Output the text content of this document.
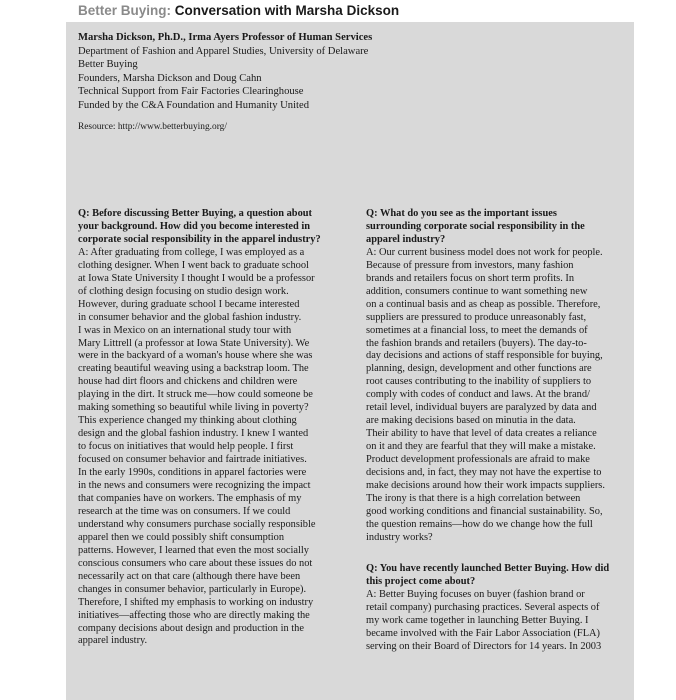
Better Buying: Conversation with Marsha Dickson
Marsha Dickson, Ph.D., Irma Ayers Professor of Human Services
Department of Fashion and Apparel Studies, University of Delaware
Better Buying
Founders, Marsha Dickson and Doug Cahn
Technical Support from Fair Factories Clearinghouse
Funded by the C&A Foundation and Humanity United
Resource: http://www.betterbuying.org/
Q: Before discussing Better Buying, a question about
your background. How did you become interested in
corporate social responsibility in the apparel industry?
A: After graduating from college, I was employed as a
clothing designer. When I went back to graduate school
at Iowa State University I thought I would be a professor
of clothing design focusing on studio design work.
However, during graduate school I became interested
in consumer behavior and the global fashion industry.
I was in Mexico on an international study tour with
Mary Littrell (a professor at Iowa State University). We
were in the backyard of a woman's house where she was
creating beautiful weaving using a backstrap loom. The
house had dirt floors and chickens and children were
playing in the dirt. It struck me—how could someone be
making something so beautiful while living in poverty?
This experience changed my thinking about clothing
design and the global fashion industry. I knew I wanted
to focus on initiatives that would help people. I first
focused on consumer behavior and fairtrade initiatives.
In the early 1990s, conditions in apparel factories were
in the news and consumers were recognizing the impact
that companies have on workers. The emphasis of my
research at the time was on consumers. If we could
understand why consumers purchase socially responsible
apparel then we could possibly shift consumption
patterns. However, I learned that even the most socially
conscious consumers who care about these issues do not
necessarily act on that care (although there have been
changes in consumer behavior, particularly in Europe).
Therefore, I shifted my emphasis to working on industry
initiatives—affecting those who are directly making the
company decisions about design and production in the
apparel industry.
Q: What do you see as the important issues
surrounding corporate social responsibility in the
apparel industry?
A: Our current business model does not work for people.
Because of pressure from investors, many fashion
brands and retailers focus on short term profits. In
addition, consumers continue to want something new
on a continual basis and as cheap as possible. Therefore,
suppliers are pressured to produce unreasonably fast,
sometimes at a financial loss, to meet the demands of
the fashion brands and retailers (buyers). The day-to-
day decisions and actions of staff responsible for buying,
planning, design, development and other functions are
root causes contributing to the inability of suppliers to
comply with codes of conduct and laws. At the brand/
retail level, individual buyers are paralyzed by data and
are making decisions based on minutia in the data.
Their ability to have that level of data creates a reliance
on it and they are fearful that they will make a mistake.
Product development professionals are afraid to make
decisions and, in fact, they may not have the expertise to
make decisions around how their work impacts suppliers.
The irony is that there is a high correlation between
good working conditions and financial sustainability. So,
the question remains—how do we change how the full
industry works?
Q: You have recently launched Better Buying. How did
this project come about?
A: Better Buying focuses on buyer (fashion brand or
retail company) purchasing practices. Several aspects of
my work came together in launching Better Buying. I
became involved with the Fair Labor Association (FLA)
serving on their Board of Directors for 14 years. In 2003
